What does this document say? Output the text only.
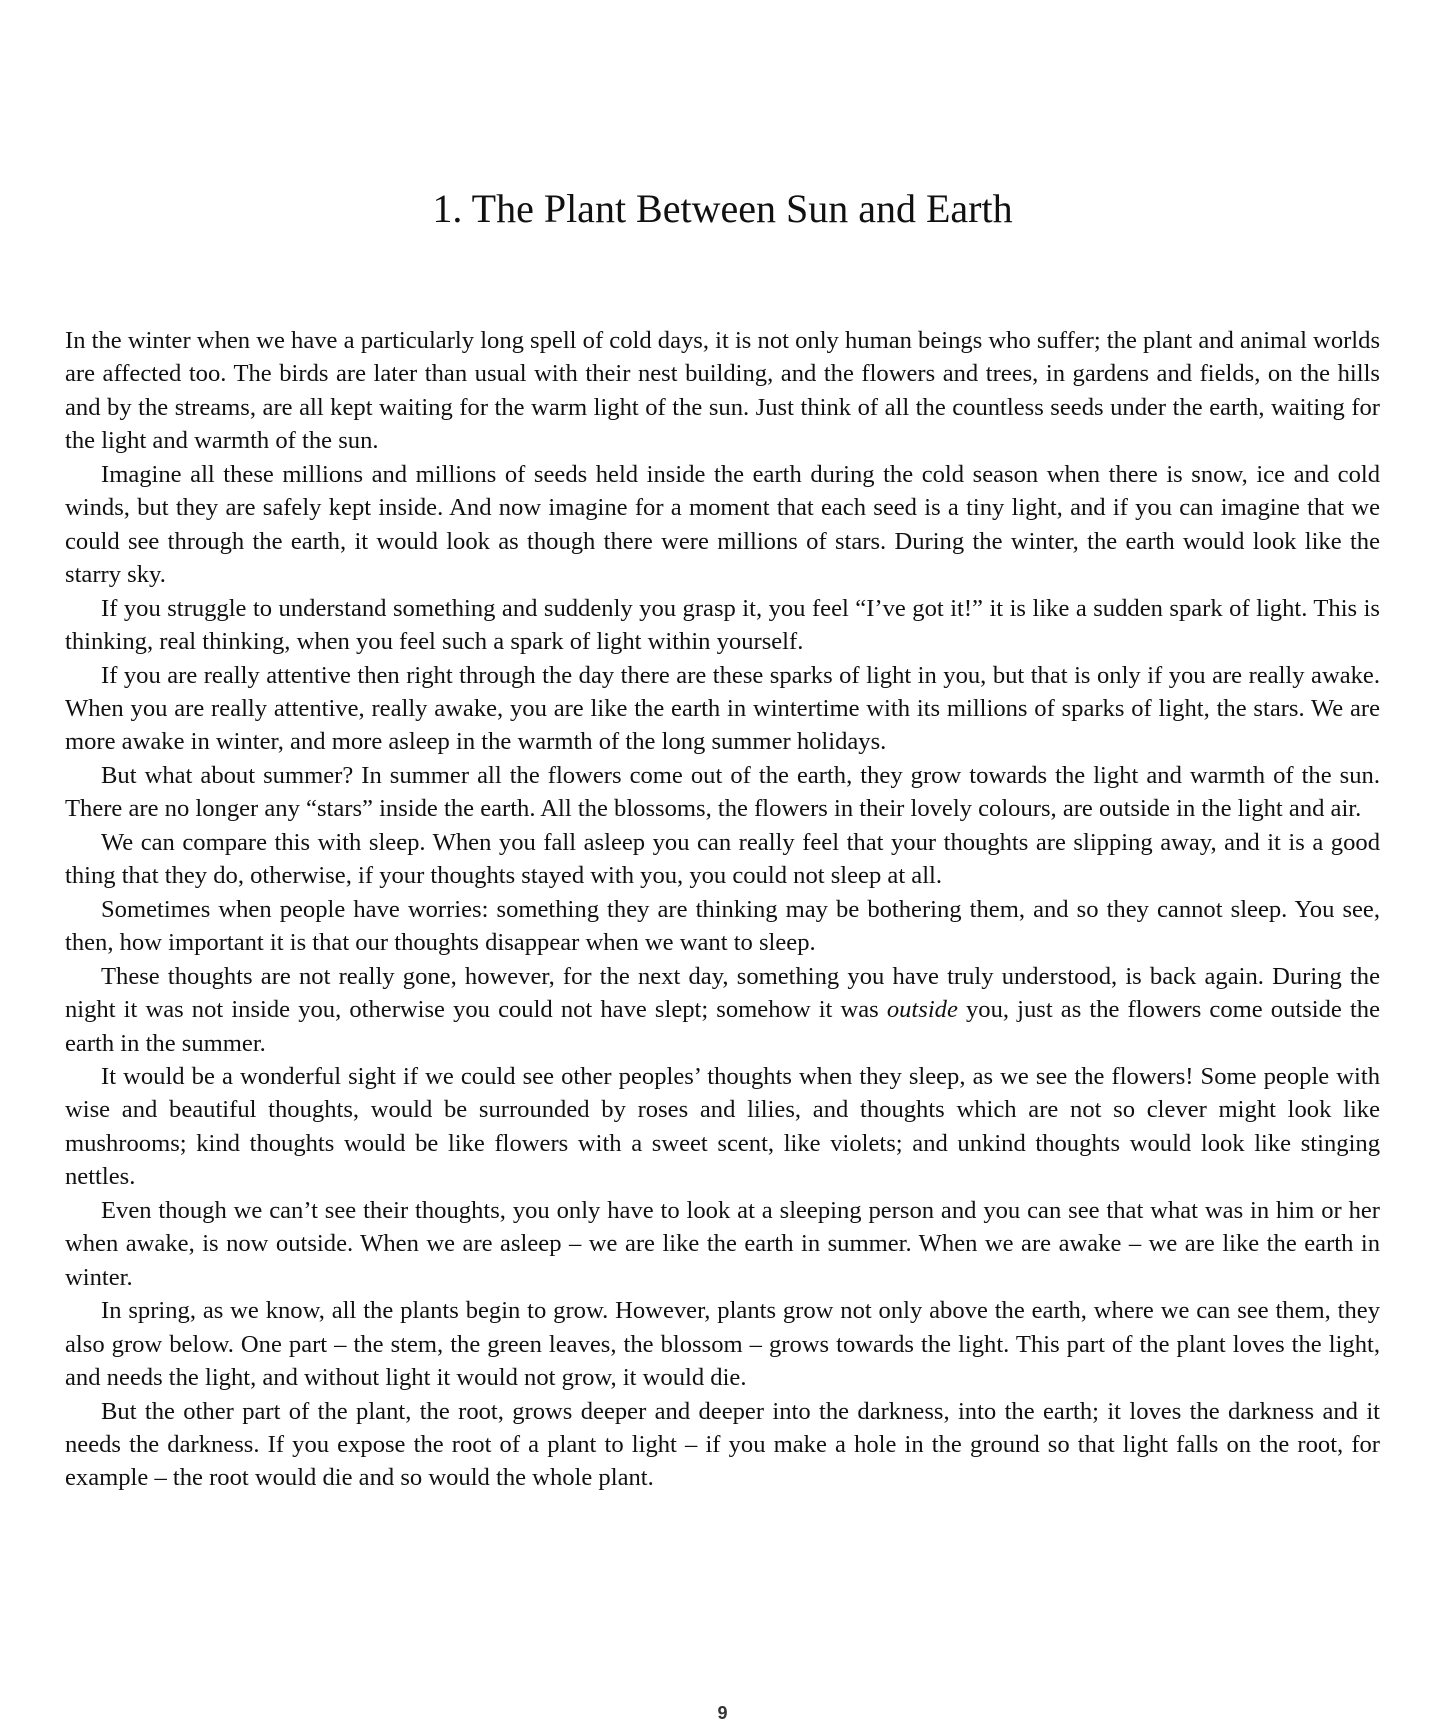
1. The Plant Between Sun and Earth

In the winter when we have a particularly long spell of cold days, it is not only human beings who suffer; the plant and animal worlds are affected too. The birds are later than usual with their nest building, and the flowers and trees, in gardens and fields, on the hills and by the streams, are all kept waiting for the warm light of the sun. Just think of all the countless seeds under the earth, waiting for the light and warmth of the sun.

Imagine all these millions and millions of seeds held inside the earth during the cold season when there is snow, ice and cold winds, but they are safely kept inside. And now imagine for a moment that each seed is a tiny light, and if you can imagine that we could see through the earth, it would look as though there were millions of stars. During the winter, the earth would look like the starry sky.

If you struggle to understand something and suddenly you grasp it, you feel “I’ve got it!” it is like a sudden spark of light. This is thinking, real thinking, when you feel such a spark of light within yourself.

If you are really attentive then right through the day there are these sparks of light in you, but that is only if you are really awake. When you are really attentive, really awake, you are like the earth in wintertime with its millions of sparks of light, the stars. We are more awake in winter, and more asleep in the warmth of the long summer holidays.

But what about summer? In summer all the flowers come out of the earth, they grow towards the light and warmth of the sun. There are no longer any “stars” inside the earth. All the blossoms, the flowers in their lovely colours, are outside in the light and air.

We can compare this with sleep. When you fall asleep you can really feel that your thoughts are slipping away, and it is a good thing that they do, otherwise, if your thoughts stayed with you, you could not sleep at all.

Sometimes when people have worries: something they are thinking may be bothering them, and so they cannot sleep. You see, then, how important it is that our thoughts disappear when we want to sleep.

These thoughts are not really gone, however, for the next day, something you have truly understood, is back again. During the night it was not inside you, otherwise you could not have slept; somehow it was outside you, just as the flowers come outside the earth in the summer.

It would be a wonderful sight if we could see other peoples’ thoughts when they sleep, as we see the flowers! Some people with wise and beautiful thoughts, would be surrounded by roses and lilies, and thoughts which are not so clever might look like mushrooms; kind thoughts would be like flowers with a sweet scent, like violets; and unkind thoughts would look like stinging nettles.

Even though we can’t see their thoughts, you only have to look at a sleeping person and you can see that what was in him or her when awake, is now outside. When we are asleep – we are like the earth in summer. When we are awake – we are like the earth in winter.

In spring, as we know, all the plants begin to grow. However, plants grow not only above the earth, where we can see them, they also grow below. One part – the stem, the green leaves, the blossom – grows towards the light. This part of the plant loves the light, and needs the light, and without light it would not grow, it would die.

But the other part of the plant, the root, grows deeper and deeper into the darkness, into the earth; it loves the darkness and it needs the darkness. If you expose the root of a plant to light – if you make a hole in the ground so that light falls on the root, for example – the root would die and so would the whole plant.

9
